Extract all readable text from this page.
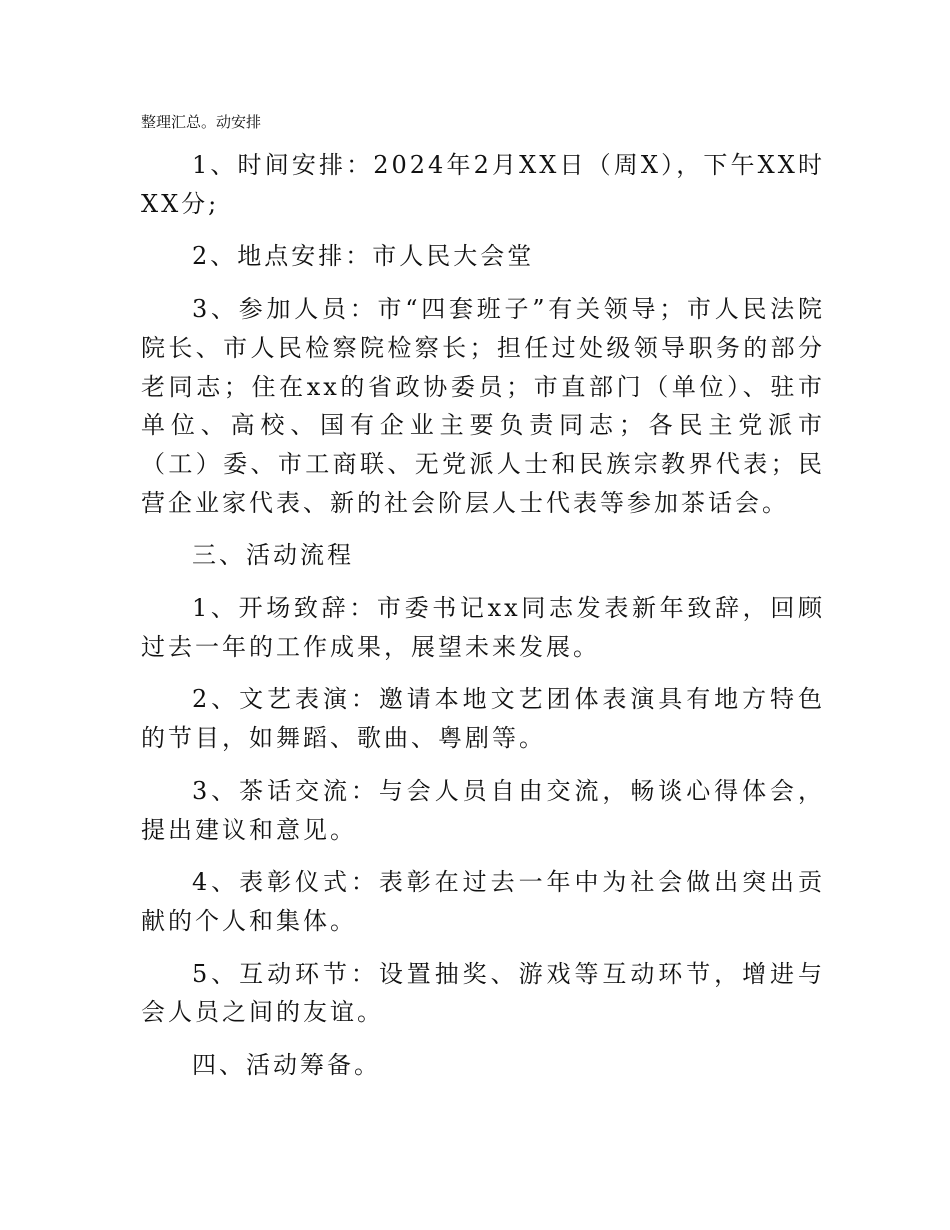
整理汇总。动安排

1、时间安排：2024年2月XX日（周X），下午XX时XX分;

2、地点安排：市人民大会堂

3、参加人员：市“四套班子”有关领导；市人民法院院长、市人民检察院检察长；担任过处级领导职务的部分老同志；住在xx的省政协委员；市直部门（单位）、驻市单位、高校、国有企业主要负责同志；各民主党派市（工）委、市工商联、无党派人士和民族宗教界代表；民营企业家代表、新的社会阶层人士代表等参加茶话会。

三、活动流程

1、开场致辞：市委书记xx同志发表新年致辞，回顾过去一年的工作成果，展望未来发展。

2、文艺表演：邀请本地文艺团体表演具有地方特色的节目，如舞蹈、歌曲、粤剧等。

3、茶话交流：与会人员自由交流，畅谈心得体会，提出建议和意见。

4、表彰仪式：表彰在过去一年中为社会做出突出贡献的个人和集体。

5、互动环节：设置抽奖、游戏等互动环节，增进与会人员之间的友谊。

四、活动筹备。
